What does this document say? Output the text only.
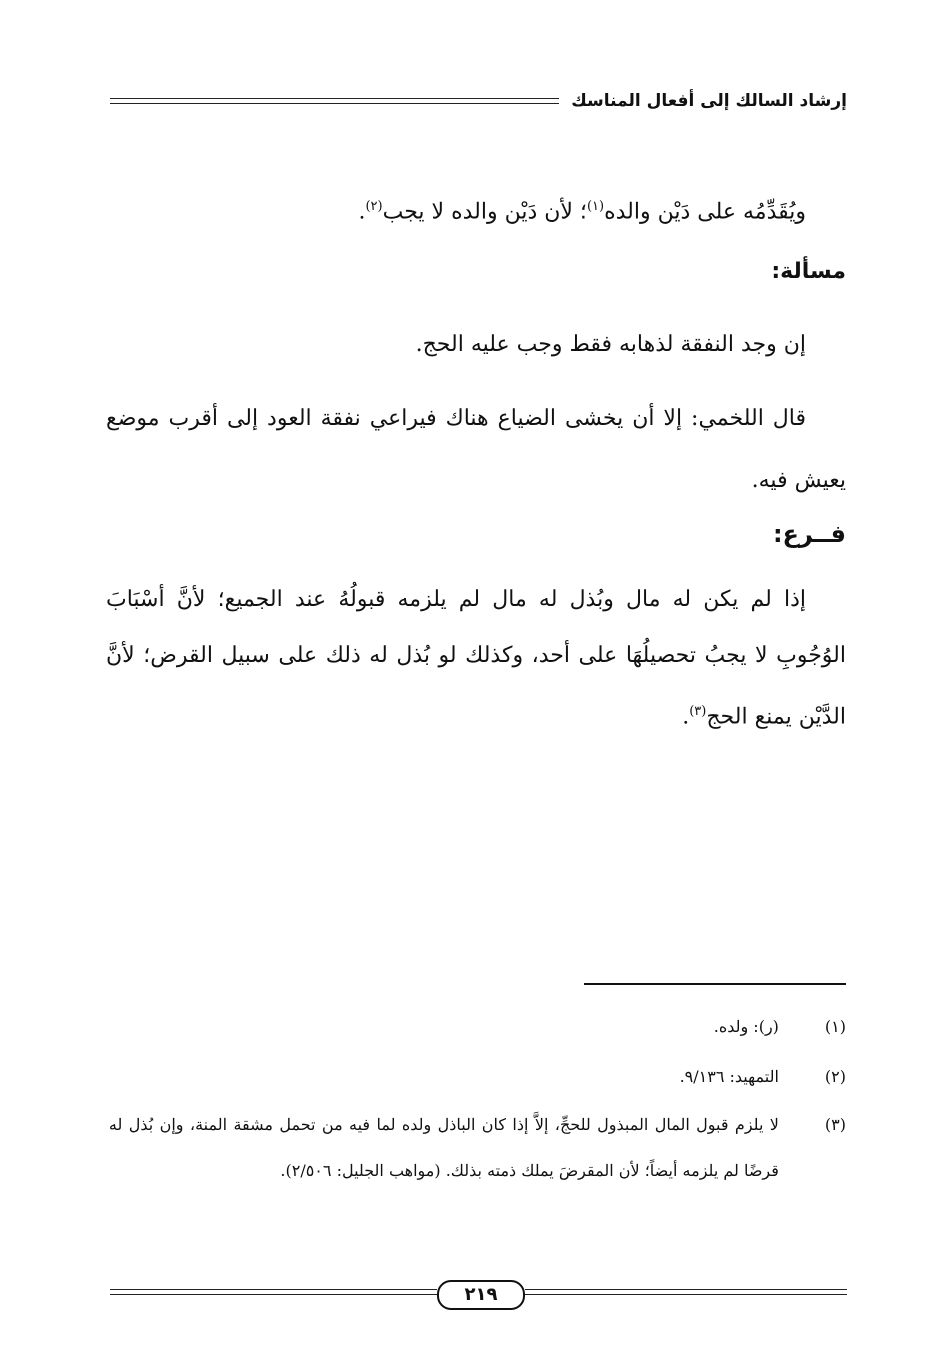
إرشاد السالك إلى أفعال المناسك
ويُقَدِّمُه على دَيْن والده$^{(١)}$؛ لأن دَيْن والده لا يجب$^{(٢)}$.
مسألة:
إن وجد النفقة لذهابه فقط وجب عليه الحج.
قال اللخمي: إلا أن يخشى الضياع هناك فيراعي نفقة العود إلى أقرب موضع يعيش فيه.
فــرع:
إذا لم يكن له مال وبُذل له مال لم يلزمه قبولُهُ عند الجميع؛ لأنَّ أسْبَابَ الوُجُوبِ لا يجبُ تحصيلُهَا على أحد، وكذلك لو بُذل له ذلك على سبيل القرض؛ لأنَّ الدَّيْن يمنع الحج$^{(٣)}$.
(١) (ر): ولده.
(٢) التمهيد: ٩/١٣٦.
(٣) لا يلزم قبول المال المبذول للحجِّ، إلاَّ إذا كان الباذل ولده لما فيه من تحمل مشقة المنة، وإن بُذل له قرضًا لم يلزمه أيضاً؛ لأن المقرضَ يملك ذمته بذلك. (مواهب الجليل: ٢/٥٠٦).
٢١٩
